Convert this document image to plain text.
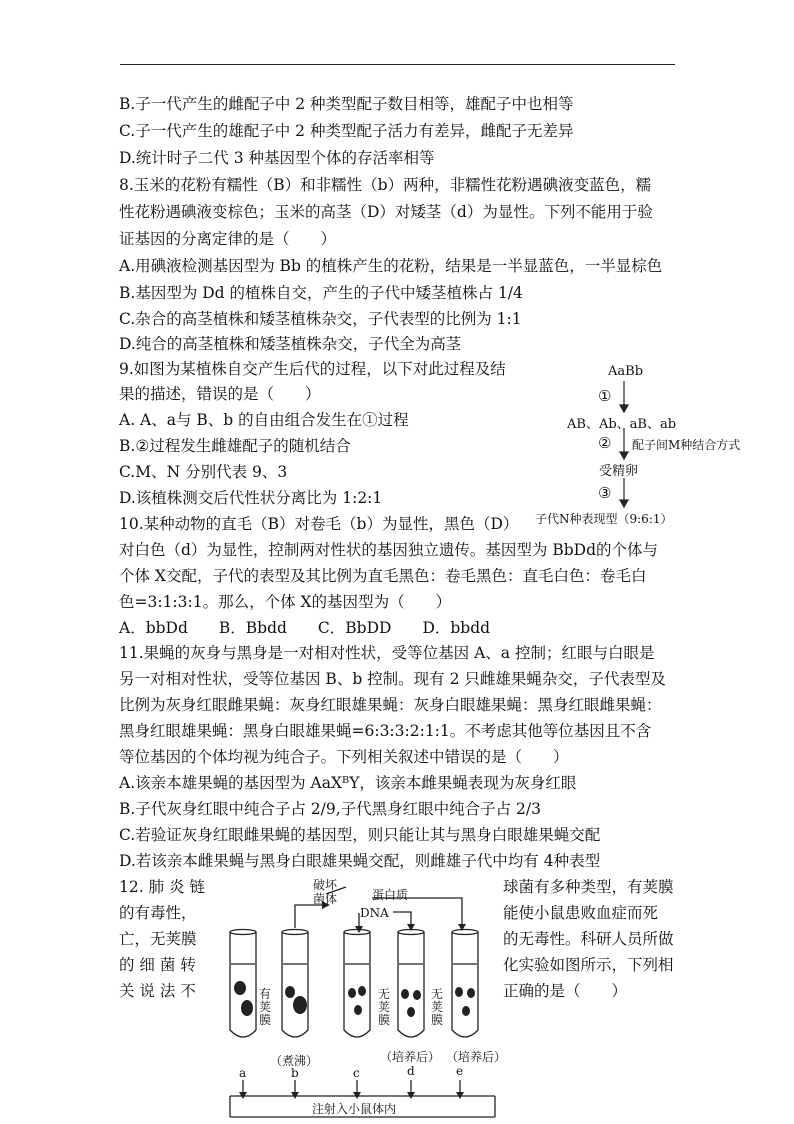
B.子一代产生的雌配子中 2 种类型配子数目相等，雄配子中也相等
C.子一代产生的雄配子中 2 种类型配子活力有差异，雌配子无差异
D.统计时子二代 3 种基因型个体的存活率相等
8.玉米的花粉有糯性（B）和非糯性（b）两种，非糯性花粉遇碘液变蓝色，糯
性花粉遇碘液变棕色；玉米的高茎（D）对矮茎（d）为显性。下列不能用于验
证基因的分离定律的是（　　）
A.用碘液检测基因型为 Bb 的植株产生的花粉，结果是一半显蓝色，一半显棕色
B.基因型为 Dd 的植株自交，产生的子代中矮茎植株占 1/4
C.杂合的高茎植株和矮茎植株杂交，子代表型的比例为 1:1
D.纯合的高茎植株和矮茎植株杂交，子代全为高茎
9.如图为某植株自交产生后代的过程，以下对此过程及结
果的描述，错误的是（　　）
A. A、a与 B、b 的自由组合发生在①过程
B.②过程发生雌雄配子的随机结合
C.M、N 分别代表 9、3
D.该植株测交后代性状分离比为 1:2:1
AaBb
①
AB、Ab、aB、ab
② 配子间M种结合方式
受精卵
③
子代N种表现型（9:6:1）
10.某种动物的直毛（B）对卷毛（b）为显性，黑色（D）
对白色（d）为显性，控制两对性状的基因独立遗传。基因型为 BbDd的个体与
个体 X交配，子代的表型及其比例为直毛黑色：卷毛黑色：直毛白色：卷毛白
色=3:1:3:1。那么，个体 X的基因型为（　　）
A．bbDd　　B．Bbdd　　C．BbDD　　D．bbdd
11.果蝇的灰身与黑身是一对相对性状，受等位基因 A、a 控制；红眼与白眼是
另一对相对性状，受等位基因 B、b 控制。现有 2 只雌雄果蝇杂交，子代表型及
比例为灰身红眼雌果蝇：灰身红眼雄果蝇：灰身白眼雄果蝇：黑身红眼雌果蝇：
黑身红眼雄果蝇：黑身白眼雄果蝇=6:3:3:2:1:1。不考虑其他等位基因且不含
等位基因的个体均视为纯合子。下列相关叙述中错误的是（　　）
A.该亲本雄果蝇的基因型为 AaXᴮY，该亲本雌果蝇表现为灰身红眼
B.子代灰身红眼中纯合子占 2/9,子代黑身红眼中纯合子占 2/3
C.若验证灰身红眼雌果蝇的基因型，则只能让其与黑身白眼雄果蝇交配
D.若该亲本雌果蝇与黑身白眼雄果蝇交配，则雌雄子代中均有 4种表型
12. 肺 炎 链
的有毒性，
亡，无荚膜
的 细 菌 转
关 说 法 不
球菌有多种类型，有荚膜
能使小鼠患败血症而死
的无毒性。科研人员所做
化实验如图所示，下列相
正确的是（　　）
破坏
菌体	蛋白质
DNA
有荚膜
无荚膜
无荚膜
（煮沸）	（培养后） （培养后）
a	b	c	d	e
注射入小鼠体内
